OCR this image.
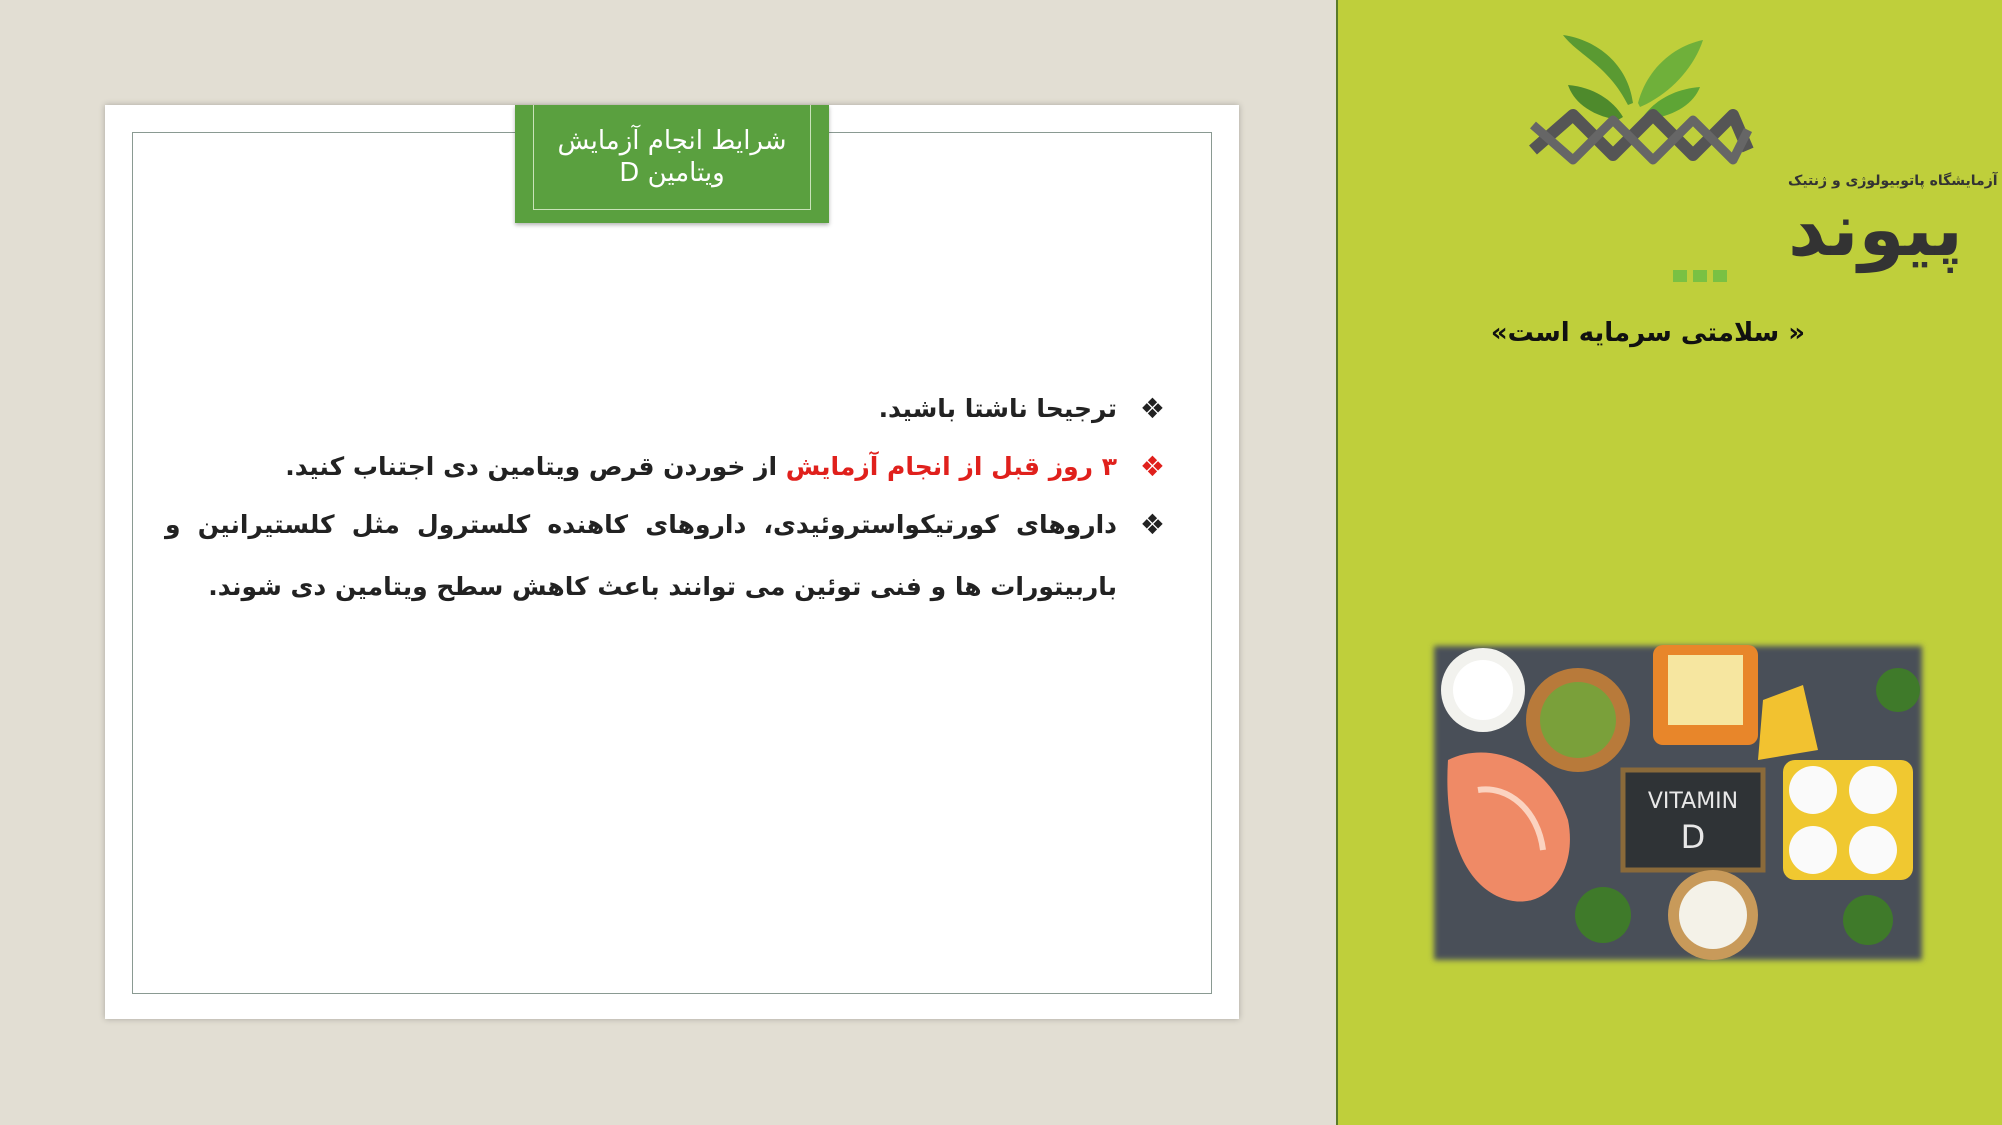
شرایط انجام آزمایش
ویتامین D
❖
ترجیحا ناشتا باشید.
❖
۳ روز قبل از انجام آزمایش از خوردن قرص ویتامین دی اجتناب کنید.
❖
داروهای کورتیکواستروئیدی، داروهای کاهنده کلسترول مثل کلستیرانین و باربیتورات ها و فنی توئین می توانند باعث کاهش سطح ویتامین دی شوند.
آزمایشگاه پاتوبیولوژی و ژنتیک
پیوند
« سلامتی سرمایه است»
VITAMIN
D
